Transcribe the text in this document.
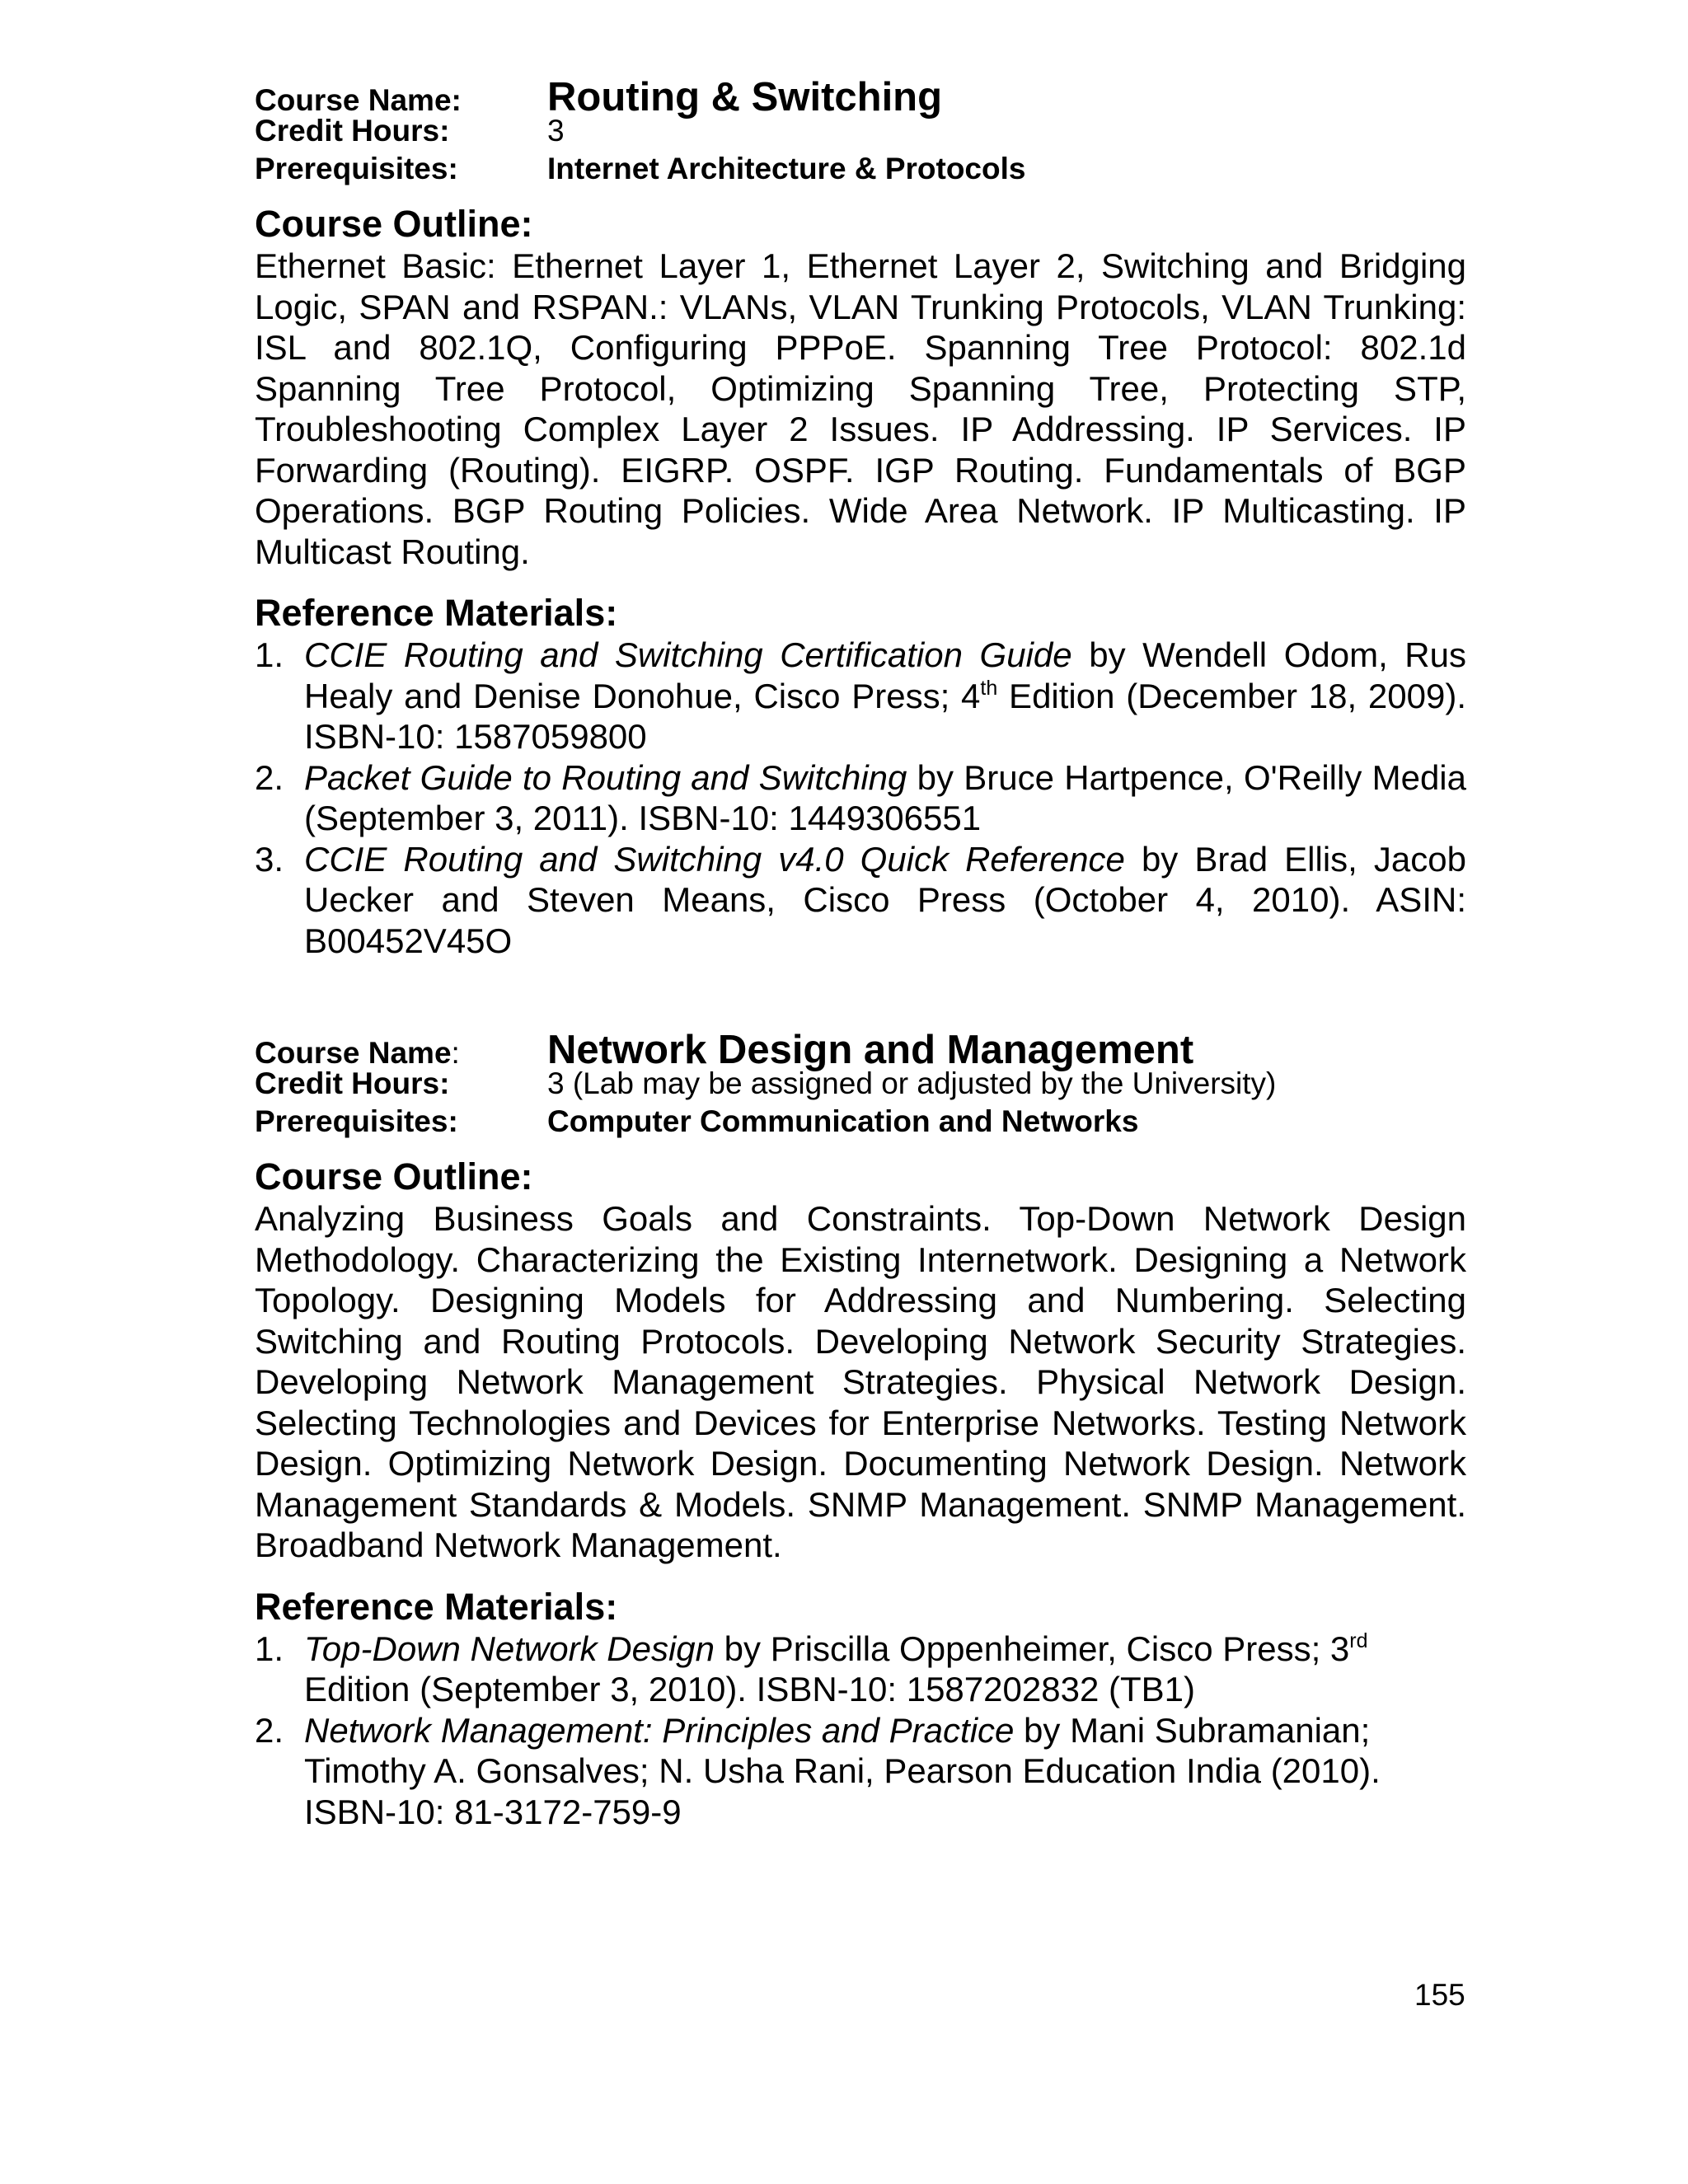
Course Name:	Routing & Switching
Credit Hours:	3
Prerequisites:	Internet Architecture & Protocols
Course Outline:

Ethernet Basic: Ethernet Layer 1, Ethernet Layer 2, Switching and Bridging Logic, SPAN and RSPAN.: VLANs, VLAN Trunking Protocols, VLAN Trunking: ISL and 802.1Q, Configuring PPPoE. Spanning Tree Protocol: 802.1d Spanning Tree Protocol, Optimizing Spanning Tree, Protecting STP, Troubleshooting Complex Layer 2 Issues. IP Addressing. IP Services. IP Forwarding (Routing). EIGRP. OSPF. IGP Routing. Fundamentals of BGP Operations. BGP Routing Policies. Wide Area Network. IP Multicasting. IP Multicast Routing.

Reference Materials:
1. CCIE Routing and Switching Certification Guide by Wendell Odom, Rus Healy and Denise Donohue, Cisco Press; 4th Edition (December 18, 2009). ISBN-10: 1587059800
2. Packet Guide to Routing and Switching by Bruce Hartpence, O'Reilly Media (September 3, 2011). ISBN-10: 1449306551
3. CCIE Routing and Switching v4.0 Quick Reference by Brad Ellis, Jacob Uecker and Steven Means, Cisco Press (October 4, 2010). ASIN: B00452V45O
Course Name:	Network Design and Management
Credit Hours:	3 (Lab may be assigned or adjusted by the University)
Prerequisites:	Computer Communication and Networks
Course Outline:

Analyzing Business Goals and Constraints. Top-Down Network Design Methodology. Characterizing the Existing Internetwork. Designing a Network Topology. Designing Models for Addressing and Numbering. Selecting Switching and Routing Protocols. Developing Network Security Strategies. Developing Network Management Strategies. Physical Network Design. Selecting Technologies and Devices for Enterprise Networks. Testing Network Design. Optimizing Network Design. Documenting Network Design. Network Management Standards & Models. SNMP Management. SNMP Management. Broadband Network Management.

Reference Materials:
1. Top-Down Network Design by Priscilla Oppenheimer, Cisco Press; 3rd Edition (September 3, 2010). ISBN-10: 1587202832 (TB1)
2. Network Management: Principles and Practice by Mani Subramanian; Timothy A. Gonsalves; N. Usha Rani, Pearson Education India (2010). ISBN-10: 81-3172-759-9
155
